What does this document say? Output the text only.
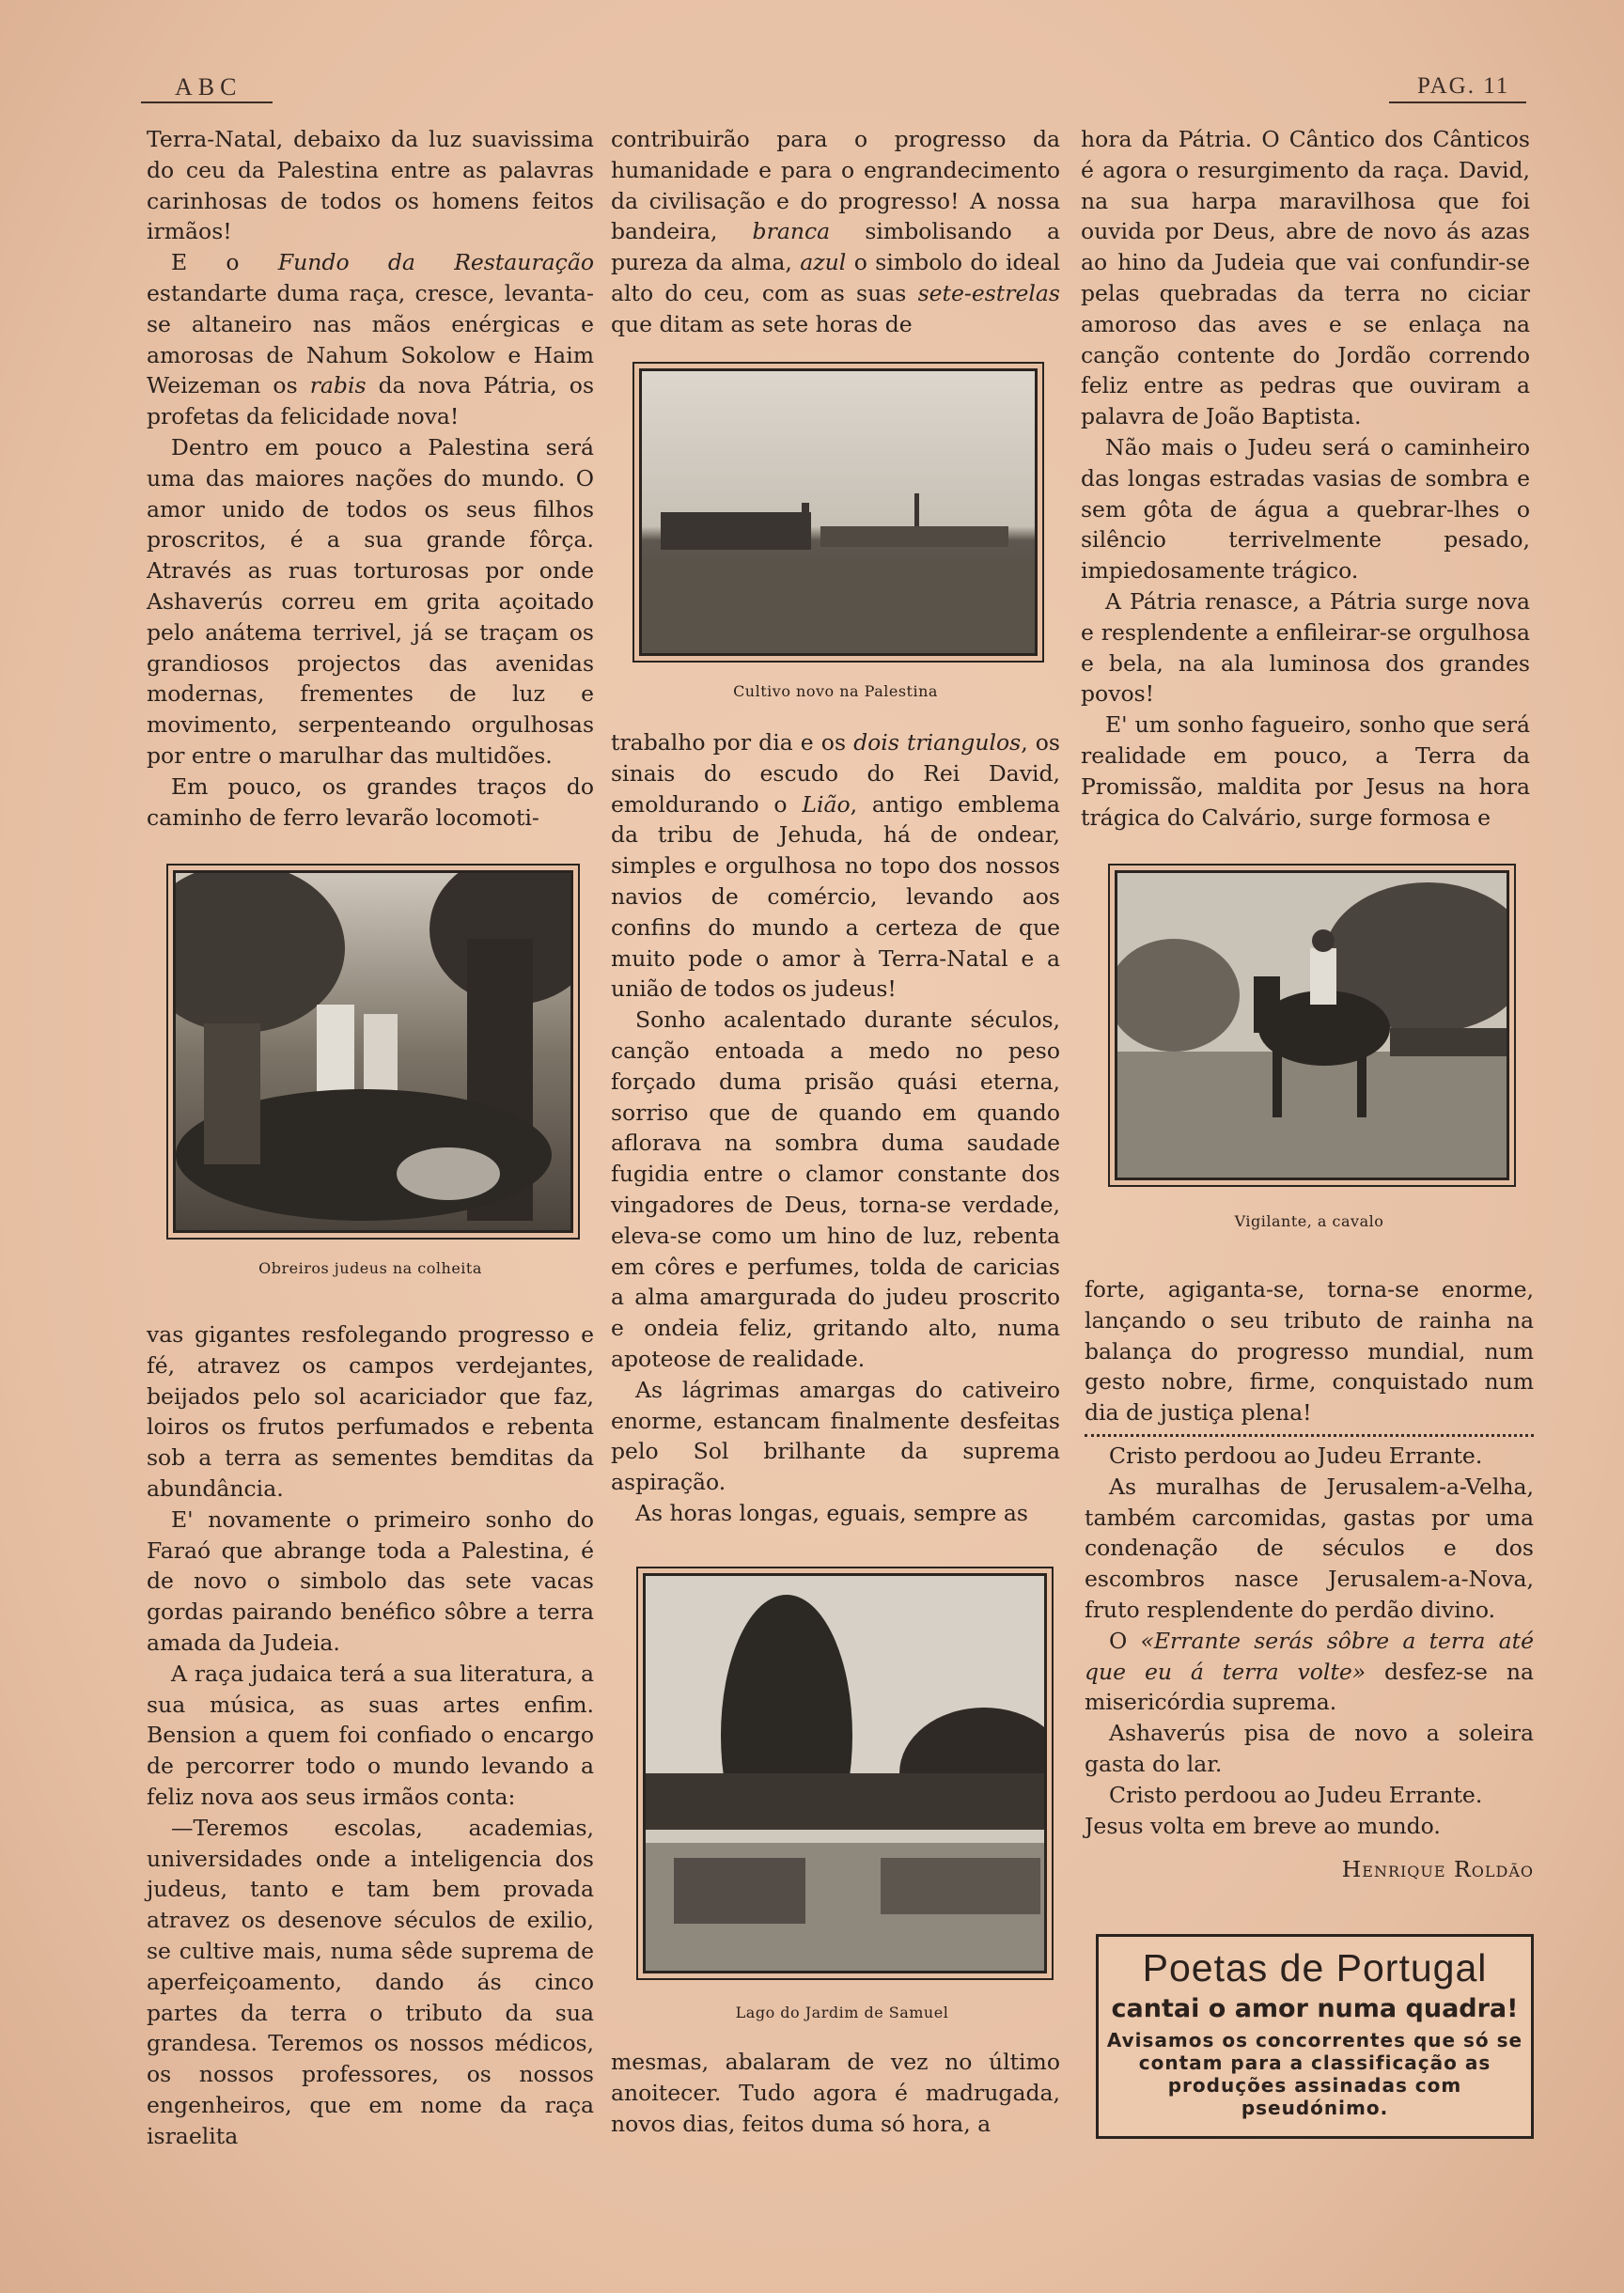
ABC	PAG. 11

Terra-Natal, debaixo da luz suavissima do ceu da Palestina entre as palavras carinhosas de todos os homens feitos irmãos!

E o Fundo da Restauração estandarte duma raça, cresce, levanta-se altaneiro nas mãos enérgicas e amorosas de Nahum Sokolow e Haim Weizeman os rabis da nova Pátria, os profetas da felicidade nova!

Dentro em pouco a Palestina será uma das maiores nações do mundo. O amor unido de todos os seus filhos proscritos, é a sua grande fôrça. Através as ruas torturosas por onde Ashaverús correu em grita açoitado pelo anátema terrivel, já se traçam os grandiosos projectos das avenidas modernas, frementes de luz e movimento, serpenteando orgulhosas por entre o marulhar das multidões.

Em pouco, os grandes traços do caminho de ferro levarão locomoti-

Obreiros judeus na colheita

vas gigantes resfolegando progresso e fé, atravez os campos verdejantes, beijados pelo sol acariciador que faz, loiros os frutos perfumados e rebenta sob a terra as sementes bemditas da abundância.

E' novamente o primeiro sonho do Faraó que abrange toda a Palestina, é de novo o simbolo das sete vacas gordas pairando benéfico sôbre a terra amada da Judeia.

A raça judaica terá a sua literatura, a sua música, as suas artes enfim. Bension a quem foi confiado o encargo de percorrer todo o mundo levando a feliz nova aos seus irmãos conta:

—Teremos escolas, academias, universidades onde a inteligencia dos judeus, tanto e tam bem provada atravez os desenove séculos de exilio, se cultive mais, numa sêde suprema de aperfeiçoamento, dando ás cinco partes da terra o tributo da sua grandesa. Teremos os nossos médicos, os nossos professores, os nossos engenheiros, que em nome da raça israelita

contribuirão para o progresso da humanidade e para o engrandecimento da civilisação e do progresso! A nossa bandeira, branca simbolisando a pureza da alma, azul o simbolo do ideal alto do ceu, com as suas sete-estrelas que ditam as sete horas de

Cultivo novo na Palestina

trabalho por dia e os dois triangulos, os sinais do escudo do Rei David, emoldurando o Lião, antigo emblema da tribu de Jehuda, há de ondear, simples e orgulhosa no topo dos nossos navios de comércio, levando aos confins do mundo a certeza de que muito pode o amor à Terra-Natal e a união de todos os judeus!

Sonho acalentado durante séculos, canção entoada a medo no peso forçado duma prisão quási eterna, sorriso que de quando em quando aflorava na sombra duma saudade fugidia entre o clamor constante dos vingadores de Deus, torna-se verdade, eleva-se como um hino de luz, rebenta em côres e perfumes, tolda de caricias a alma amargurada do judeu proscrito e ondeia feliz, gritando alto, numa apoteose de realidade.

As lágrimas amargas do cativeiro enorme, estancam finalmente desfeitas pelo Sol brilhante da suprema aspiração.

As horas longas, eguais, sempre as

Lago do Jardim de Samuel

mesmas, abalaram de vez no último anoitecer. Tudo agora é madrugada, novos dias, feitos duma só hora, a

hora da Pátria. O Cântico dos Cânticos é agora o resurgimento da raça. David, na sua harpa maravilhosa que foi ouvida por Deus, abre de novo ás azas ao hino da Judeia que vai confundir-se pelas quebradas da terra no ciciar amoroso das aves e se enlaça na canção contente do Jordão correndo feliz entre as pedras que ouviram a palavra de João Baptista.

Não mais o Judeu será o caminheiro das longas estradas vasias de sombra e sem gôta de água a quebrar-lhes o silêncio terrivelmente pesado, impiedosamente trágico.

A Pátria renasce, a Pátria surge nova e resplendente a enfileirar-se orgulhosa e bela, na ala luminosa dos grandes povos!

E' um sonho fagueiro, sonho que será realidade em pouco, a Terra da Promissão, maldita por Jesus na hora trágica do Calvário, surge formosa e

Vigilante, a cavalo

forte, agiganta-se, torna-se enorme, lançando o seu tributo de rainha na balança do progresso mundial, num gesto nobre, firme, conquistado num dia de justiça plena!

Cristo perdoou ao Judeu Errante.

As muralhas de Jerusalem-a-Velha, também carcomidas, gastas por uma condenação de séculos e dos escombros nasce Jerusalem-a-Nova, fruto resplendente do perdão divino.

O «Errante serás sôbre a terra até que eu á terra volte» desfez-se na misericórdia suprema.

Ashaverús pisa de novo a soleira gasta do lar.

Cristo perdoou ao Judeu Errante.

Jesus volta em breve ao mundo.

Henrique Roldão

Poetas de Portugal
cantai o amor numa quadra!
Avisamos os concorrentes que só se contam para a classificação as produções assinadas com pseudónimo.
